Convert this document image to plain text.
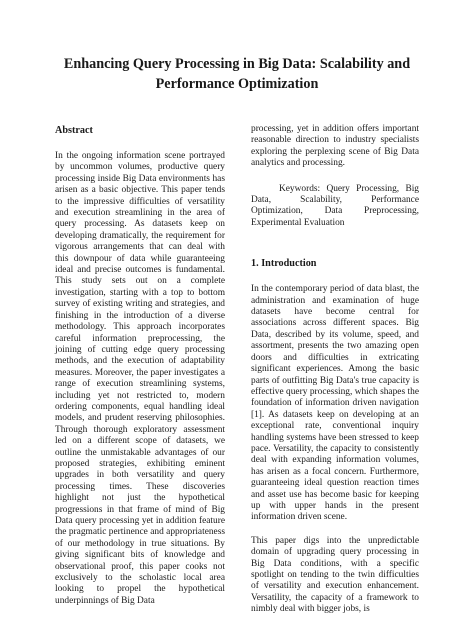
Enhancing Query Processing in Big Data: Scalability and Performance Optimization
Abstract

In the ongoing information scene portrayed by uncommon volumes, productive query processing inside Big Data environments has arisen as a basic objective. This paper tends to the impressive difficulties of versatility and execution streamlining in the area of query processing. As datasets keep on developing dramatically, the requirement for vigorous arrangements that can deal with this downpour of data while guaranteeing ideal and precise outcomes is fundamental. This study sets out on a complete investigation, starting with a top to bottom survey of existing writing and strategies, and finishing in the introduction of a diverse methodology. This approach incorporates careful information preprocessing, the joining of cutting edge query processing methods, and the execution of adaptability measures. Moreover, the paper investigates a range of execution streamlining systems, including yet not restricted to, modern ordering components, equal handling ideal models, and prudent reserving philosophies. Through thorough exploratory assessment led on a different scope of datasets, we outline the unmistakable advantages of our proposed strategies, exhibiting eminent upgrades in both versatility and query processing times. These discoveries highlight not just the hypothetical progressions in that frame of mind of Big Data query processing yet in addition feature the pragmatic pertinence and appropriateness of our methodology in true situations. By giving significant bits of knowledge and observational proof, this paper cooks not exclusively to the scholastic local area looking to propel the hypothetical underpinnings of Big Data

processing, yet in addition offers important reasonable direction to industry specialists exploring the perplexing scene of Big Data analytics and processing.

Keywords: Query Processing, Big Data, Scalability, Performance Optimization, Data Preprocessing, Experimental Evaluation

1. Introduction

In the contemporary period of data blast, the administration and examination of huge datasets have become central for associations across different spaces. Big Data, described by its volume, speed, and assortment, presents the two amazing open doors and difficulties in extricating significant experiences. Among the basic parts of outfitting Big Data's true capacity is effective query processing, which shapes the foundation of information driven navigation [1]. As datasets keep on developing at an exceptional rate, conventional inquiry handling systems have been stressed to keep pace. Versatility, the capacity to consistently deal with expanding information volumes, has arisen as a focal concern. Furthermore, guaranteeing ideal question reaction times and asset use has become basic for keeping up with upper hands in the present information driven scene.

This paper digs into the unpredictable domain of upgrading query processing in Big Data conditions, with a specific spotlight on tending to the twin difficulties of versatility and execution enhancement. Versatility, the capacity of a framework to nimbly deal with bigger jobs, is
